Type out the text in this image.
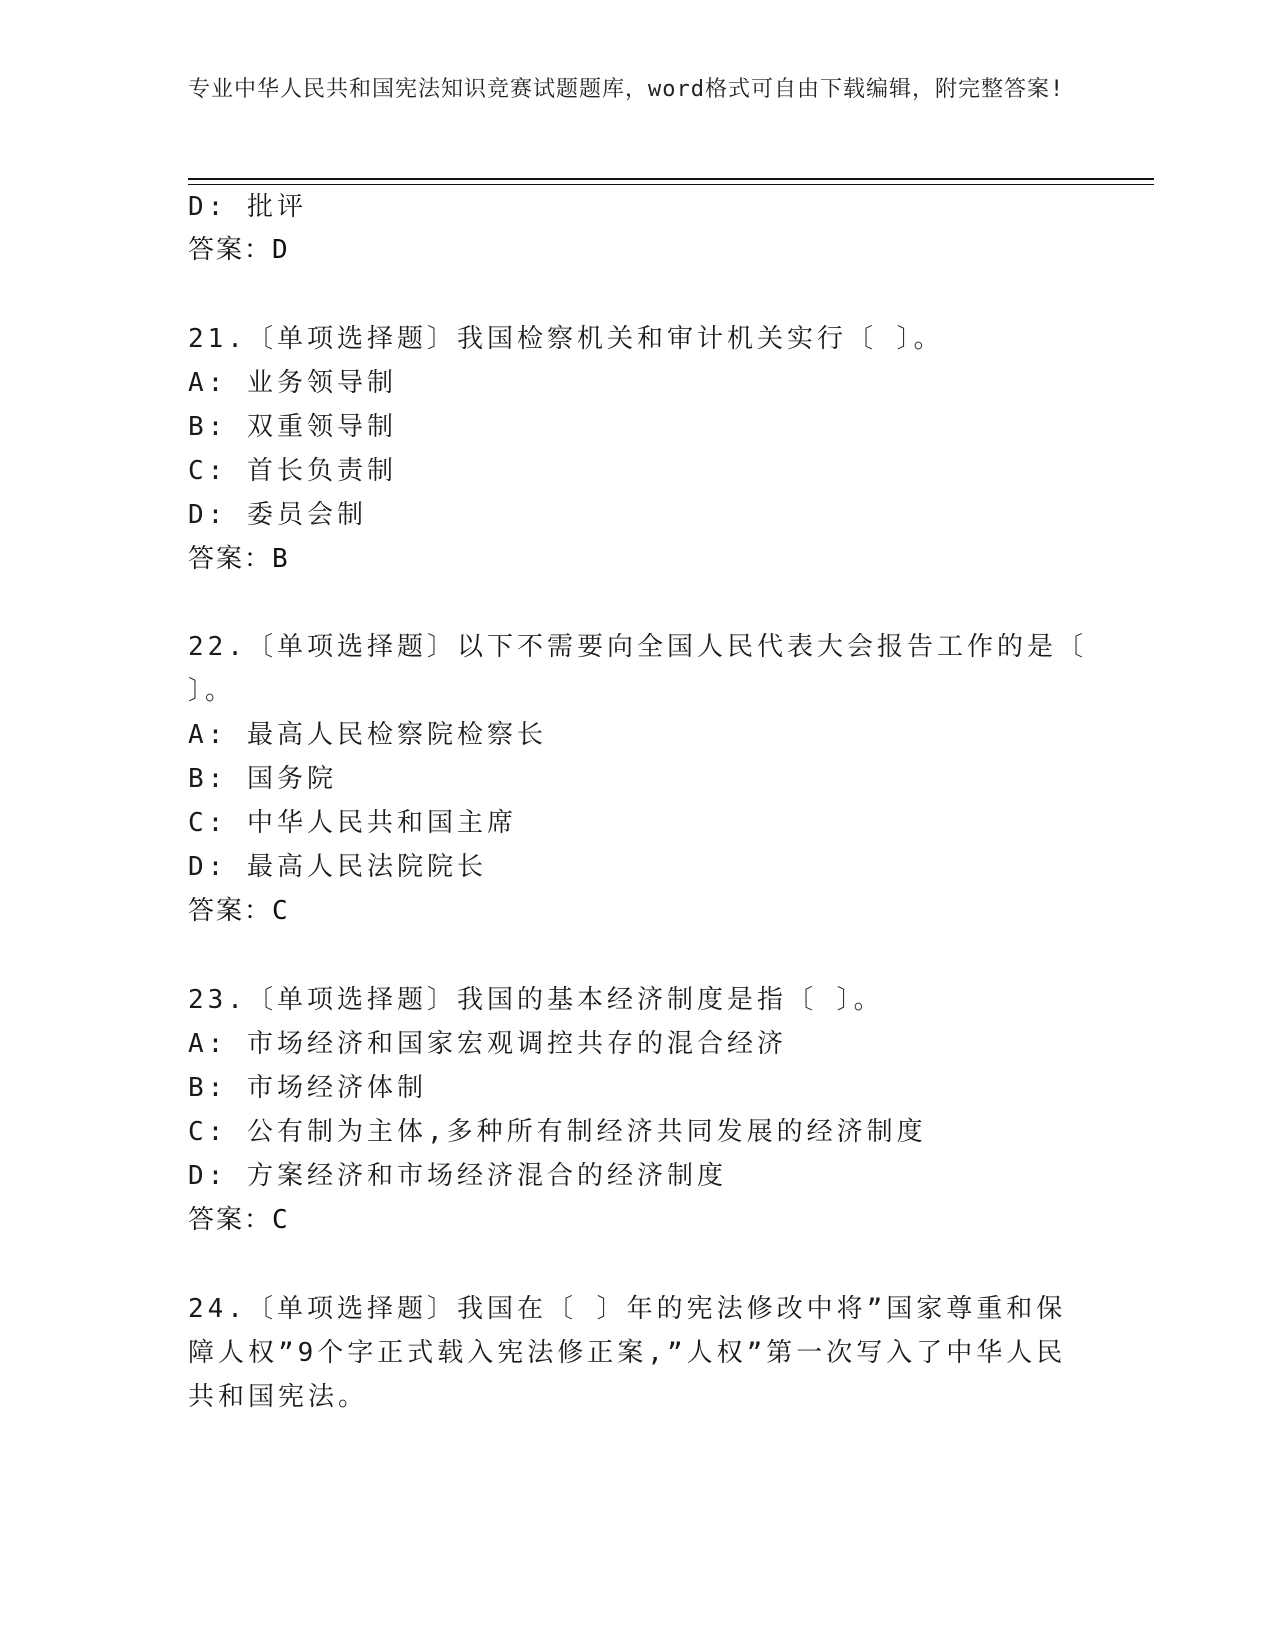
专业中华人民共和国宪法知识竞赛试题题库，word格式可自由下载编辑，附完整答案!
D: 批评
答案：D
21.〔单项选择题〕我国检察机关和审计机关实行〔 〕。
A: 业务领导制
B: 双重领导制
C: 首长负责制
D: 委员会制
答案：B
22.〔单项选择题〕以下不需要向全国人民代表大会报告工作的是〔
〕。
A: 最高人民检察院检察长
B: 国务院
C: 中华人民共和国主席
D: 最高人民法院院长
答案：C
23.〔单项选择题〕我国的基本经济制度是指〔 〕。
A: 市场经济和国家宏观调控共存的混合经济
B: 市场经济体制
C: 公有制为主体,多种所有制经济共同发展的经济制度
D: 方案经济和市场经济混合的经济制度
答案：C
24.〔单项选择题〕我国在〔 〕年的宪法修改中将”国家尊重和保
障人权”9个字正式载入宪法修正案,”人权”第一次写入了中华人民
共和国宪法。
